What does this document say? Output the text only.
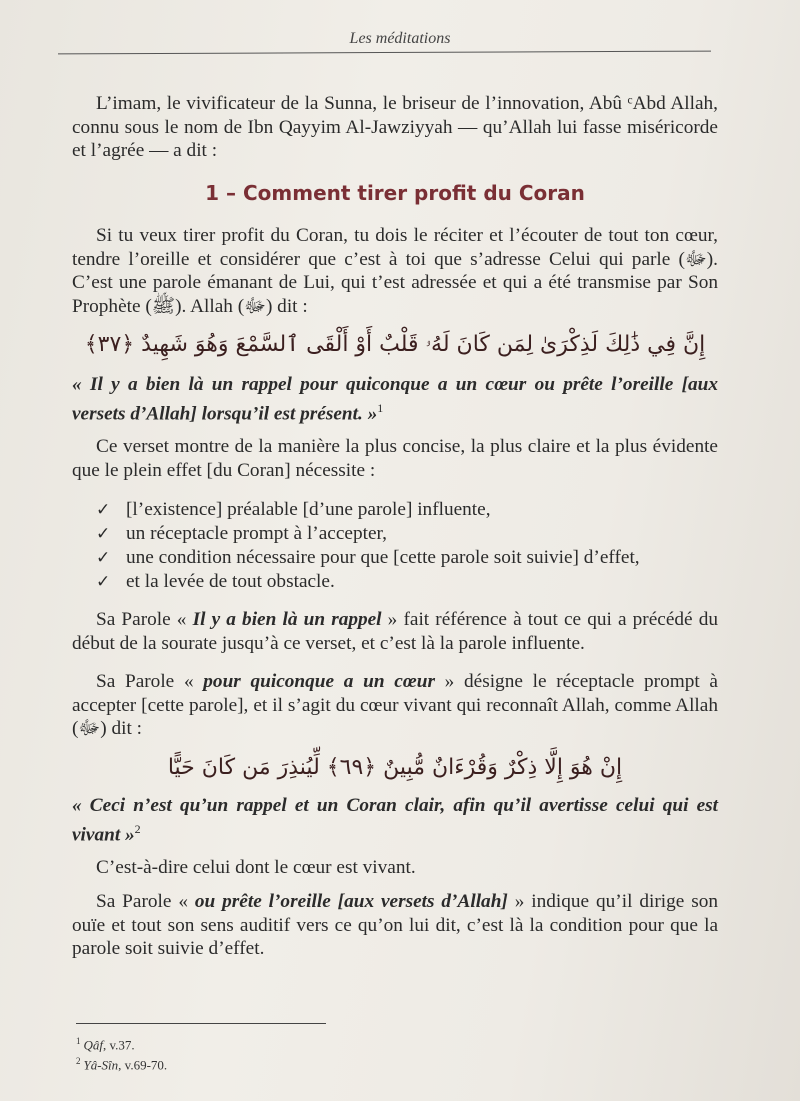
Les méditations

L’imam, le vivificateur de la Sunna, le briseur de l’innovation, Abû ᶜAbd Allah, connu sous le nom de Ibn Qayyim Al-Jawziyyah — qu’Allah lui fasse miséricorde et l’agrée — a dit :

1 – Comment tirer profit du Coran

Si tu veux tirer profit du Coran, tu dois le réciter et l’écouter de tout ton cœur, tendre l’oreille et considérer que c’est à toi que s’adresse Celui qui parle (ﷻ). C’est une parole émanant de Lui, qui t’est adressée et qui a été transmise par Son Prophète (ﷺ). Allah (ﷻ) dit :

إِنَّ فِي ذَٰلِكَ لَذِكْرَىٰ لِمَن كَانَ لَهُۥ قَلْبٌ أَوْ أَلْقَى ٱلسَّمْعَ وَهُوَ شَهِيدٌ ﴿٣٧﴾

« Il y a bien là un rappel pour quiconque a un cœur ou prête l’oreille [aux versets d’Allah] lorsqu’il est présent. »$^1$

Ce verset montre de la manière la plus concise, la plus claire et la plus évidente que le plein effet [du Coran] nécessite :

✓ [l’existence] préalable [d’une parole] influente,
✓ un réceptacle prompt à l’accepter,
✓ une condition nécessaire pour que [cette parole soit suivie] d’effet,
✓ et la levée de tout obstacle.

Sa Parole « Il y a bien là un rappel » fait référence à tout ce qui a précédé du début de la sourate jusqu’à ce verset, et c’est là la parole influente.

Sa Parole « pour quiconque a un cœur » désigne le réceptacle prompt à accepter [cette parole], et il s’agit du cœur vivant qui reconnaît Allah, comme Allah (ﷻ) dit :

إِنْ هُوَ إِلَّا ذِكْرٌ وَقُرْءَانٌ مُّبِينٌ ﴿٦٩﴾ لِّيُنذِرَ مَن كَانَ حَيًّا

« Ceci n’est qu’un rappel et un Coran clair, afin qu’il avertisse celui qui est vivant »$^2$

C’est-à-dire celui dont le cœur est vivant.

Sa Parole « ou prête l’oreille [aux versets d’Allah] » indique qu’il dirige son ouïe et tout son sens auditif vers ce qu’on lui dit, c’est là la condition pour que la parole soit suivie d’effet.

$^1$ Qâf, v.37.
$^2$ Yâ-Sîn, v.69-70.
